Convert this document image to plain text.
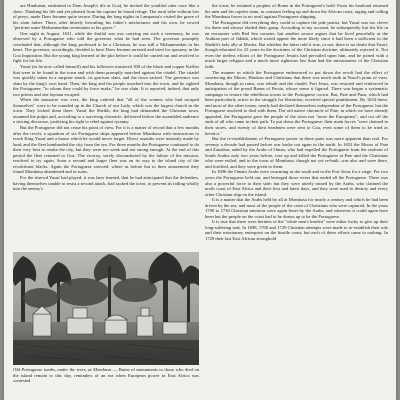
are Hinduism, enshrined in Dom Joseph's tile at Goa), he invited the youthful ruler once like a slave. Thinking his life and yet pleased from his capture he found refuge. The rural tribe without lots of preys, made Dom Jeronne quite secure. During the long nights in Lamponsa's visited the grave of his slain father. There, after bitterly bewailing his father's misfortunes and his own, he vowed "perform some Mohammedan ceremonies at his grave."

One night in August, 1631, while the dutiful son was carrying out such a ceremony, he was observed by a Portuguese who told the governor what he had seen. The governor promptly concluded that, although the king professed to be a Christian, he was still a Mohammedan in his heart. The governor, accordingly, decided to have Dom Jeronne arrested and tried for apostasy in the Goa Inquisition. But the young king learned of the plot before it could be carried out and resolved to fight for his life.

Yusuf (as he now called himself) and his followers mustered 300 of the black and copper Kaffirs that were to be found in the town and with them promptly marched against the citadel. The citadel was quickly taken in a surprise attack, its garrison slain, and the town sacked. The governor was slain by the king's own hand. Then, the king and his people marched into the town, and he sighted the Portuguese, "to whom they could by force make," he was slain. It is reported, indeed, that only two priests and one layman escaped.

When the massacre was over, the king ordered that "all of the women who had escaped themselves" were to be rounded up in the Church of our Lady, which was the largest church in the town. They locked them there. Yusuf the Sheikh, the king had demanded the Christian town, assumed the pulpit and, according to a surviving chronicle, delivered before the assembled audience a stirring discourse, justifying his right to rebel against tyranny.

But the Portuguese did not cease his point of view. For it is a matter of record that a few months after the revolt, a squadron of six Portuguese ships appeared before Mombasa with instructions to reach King Yusuf and a house which he would never forget. Direct assaults were instantly made by land, and the fleet bombarded the city from the sea. For three months the Portuguese continued to do their very best to retake the city, but they were too weak and not strong enough. At the end of this period the fleet returned to Goa. The viceroy, sorely discomforted by the failure of the mission, resolved to try again. Soon a second and larger fleet was on its way to the island city of the recalcitrant blacks. Again the Portuguese stressed, where as before but to their amazement they found Mombasa abandoned and in ruins.

For the shrewd Yusuf had played, it was later learned, that he had anticipated that the defenders, having themselves unable to resist a second attack, had sacked the town, to prevent its falling wholly into the enemy's

Old Portuguese tombs, under the trees, at Mombasa — Ruins of monuments to those who died on the island remain to this day, reminders of an era when European power in East Africa was contested.

the town; he retained a prophet of Rome in the Portuguese's hold. From his boatload returned his men and his captive team, in constant feeling up and down the African coast, raging and calling the Mombasa forces to no avail against Portuguese shipping.

The Portuguese did everything they could to capture the jade patriot, but Yusuf was too clever for them and always eluded their grasp. According to my account, he subsequently lost his life in an encounter with Red Sea corsairs; but another source argues that he lived peacefully at the Arabian port of Jiddah, which would appear the more likely since it had been a sufficient to the Sheikh's lady ally at Mocha. But whether the latter told it true, or not, there is no doubt that Yusuf, though educated for 23 years in the doctrines of the Christian doctrine, ultimately rejected it. Not even the tireless efforts of the Portuguese Jesuits had prevailed upon him, and he joined with a much larger religion and a much more righteous law than had the missionaries of the Christian faith.

The manner in which the Portuguese endeavored to put down the revolt had the effect of convincing the Moors, Hindoos and Christians that there was much truth in Yusuf's point of view. Mombasa, though in ruins, was rebuilt and the citadel, Fort Jesus, was restored and reinforced in anticipation of the proud Banas of Persia, whose sense it figured. There was begun a systematic campaign to restore the rebellious towns to the Portuguese crown. But, Pate and Paza, which had been particularly active in the struggle for liberation, received special punishment. By 1634 these, and most of the other towns, nearly had declared themselves independent of the Portuguese, but the Portuguese resolved to deal with them. The old native chronicle of Pate, in which we have already appealed, the Portuguese gave the people of the town not "more the Europeans", and cut off the ends of all who came in their path. To put down the Portuguese, their main forces "were chained in their stores, and twenty of their headmen were sent to Goa, even some of them to be tried as heretics."

But the re-establishment of Portuguese power in these parts was more apparent than real. For seventy a decade had passed before war broke out again in the north. In 1652 the Moors of Pate and Zanzibar, aided by the Arabs of Oman, who had expelled the Portuguese from the seafront of South Arabia only two years before, rose up and killed the Portuguese at Pate and the Christians who were exiled, and in the town of Mombasa; though not yet re-built, was also and were there, and fortified, and they were given to them.

In 1696 the Omani Arabs were swarming in the south and in the Fort Jesus for a siege. For two years the Portuguese held out, and besieged those rivers that ended all the Portuguese. There was also a powerful force to their side; but they were utterly ruined by the Arabs, who claimed the north coast of East Africa and their first and latest days, and they were used to destroy and every other Christian ship on the island.

It is a matter that the Arabs held by all at Mombasa for nearly a century and which he had been driven by the sea, and most of the people of the coast of Christians who were captured. In the years 1700 to 1730 Christian missions were again beset by the Arabs, and wherever it could again have been but the people on the coast had to be drawn up to be the Portuguese.

It is true that there were hermits of the "white men's burden" were either lucky to give up their long-suffering task. In 1698, 1700 and 1729 Christian attempts were made to re-establish their role and their missionary enterprise on the hostile coast; but each of these efforts came to nothing. In 1729 their last East African stronghold
